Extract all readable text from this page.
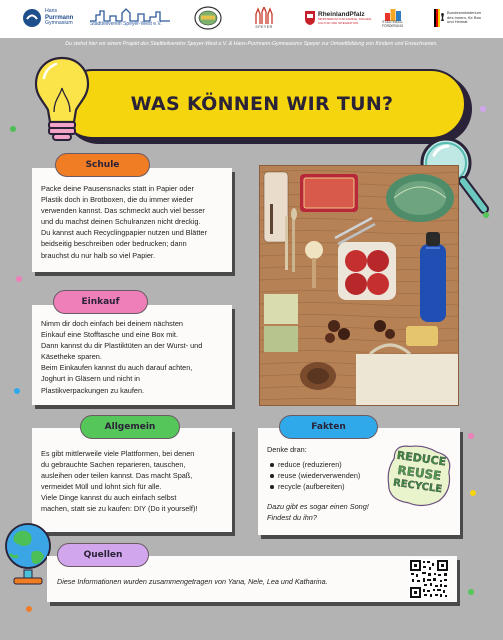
Hans
Purrmann
Gymnasium	Stadtteilverein Speyer-West e.V.	SPEYER
RheinlandPfalz
MINISTERIUM FÜR FAMILIE, FRAUEN,
KULTUR UND INTEGRATION	STÄDTEBAU-
FÖRDERUNG
Bundesministerium
des Innern, für Bau
und Heimat
Du stehst hier vor einem Projekt des Stadtteilvereins Speyer-West e.V. & Hans-Purrmann-Gymnasiums Speyer zur Umweltbildung von Kindern und Erwachsenen.
WAS KÖNNEN WIR TUN?

Packe deine Pausensnacks statt in Papier oder
Plastik doch in Brotboxen, die du immer wieder
verwenden kannst. Das schmeckt auch viel besser
und du machst deinen Schulranzen nicht dreckig.
Du kannst auch Recyclingpapier nutzen und Blätter
beidseitig beschreiben oder bedrucken; dann
brauchst du nur halb so viel Papier.

Schule

Nimm dir doch einfach bei deinem nächsten
Einkauf eine Stofftasche und eine Box mit.
Dann kannst du dir Plastiktüten an der Wurst- und
Käsetheke sparen.
Beim Einkaufen kannst du auch darauf achten,
Joghurt in Gläsern und nicht in
Plastikverpackungen zu kaufen.

Einkauf

Es gibt mittlerweile viele Plattformen, bei denen
du gebrauchte Sachen reparieren, tauschen,
ausleihen oder teilen kannst. Das macht Spaß,
vermeidet Müll und lohnt sich für alle.
Viele Dinge kannst du auch einfach selbst
machen, statt sie zu kaufen: DIY (Do it yourself)!

Allgemein

Denke dran:

reduce (reduzieren)
reuse (wiederverwenden)
recycle (aufbereiten)

Dazu gibt es sogar einen Song!
Findest du ihn?

REDUCE
REUSE
RECYCLE
Fakten

Diese Informationen wurden zusammengetragen von Yana, Nele, Lea und Katharina.

Quellen
